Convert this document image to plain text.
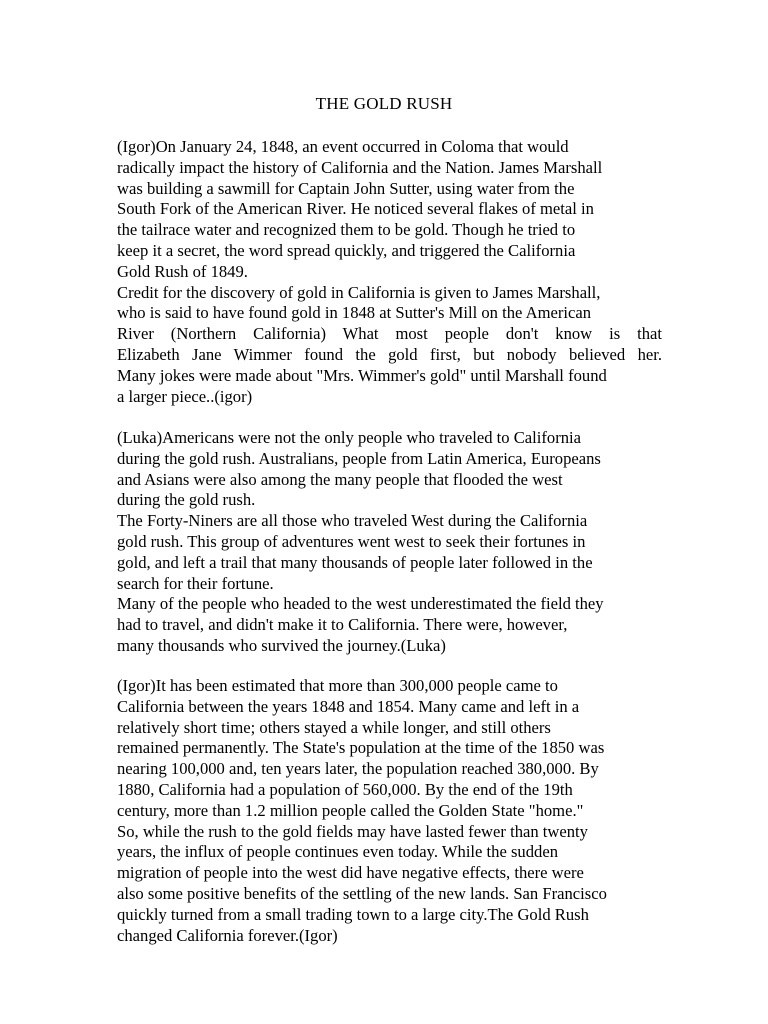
THE GOLD RUSH
(Igor)On January 24, 1848, an event occurred in Coloma that would
radically impact the history of California and the Nation. James Marshall
was building a sawmill for Captain John Sutter, using water from the
South Fork of the American River. He noticed several flakes of metal in
the tailrace water and recognized them to be gold. Though he tried to
keep it a secret, the word spread quickly, and triggered the California
Gold Rush of 1849.
Credit for the discovery of gold in California is given to James Marshall,
who is said to have found gold in 1848 at Sutter's Mill on the American
River (Northern California) What most people don't know is that
Elizabeth Jane Wimmer found the gold first, but nobody believed her.
Many jokes were made about "Mrs. Wimmer's gold" until Marshall found
a larger piece..(igor)
(Luka)Americans were not the only people who traveled to California
during the gold rush. Australians, people from Latin America, Europeans
and Asians were also among the many people that flooded the west
during the gold rush.
The Forty-Niners are all those who traveled West during the California
gold rush. This group of adventures went west to seek their fortunes in
gold, and left a trail that many thousands of people later followed in the
search for their fortune.
Many of the people who headed to the west underestimated the field they
had to travel, and didn't make it to California. There were, however,
many thousands who survived the journey.(Luka)
(Igor)It has been estimated that more than 300,000 people came to
California between the years 1848 and 1854. Many came and left in a
relatively short time; others stayed a while longer, and still others
remained permanently. The State's population at the time of the 1850 was
nearing 100,000 and, ten years later, the population reached 380,000. By
1880, California had a population of 560,000. By the end of the 19th
century, more than 1.2 million people called the Golden State "home."
So, while the rush to the gold fields may have lasted fewer than twenty
years, the influx of people continues even today. While the sudden
migration of people into the west did have negative effects, there were
also some positive benefits of the settling of the new lands. San Francisco
quickly turned from a small trading town to a large city.The Gold Rush
changed California forever.(Igor)
